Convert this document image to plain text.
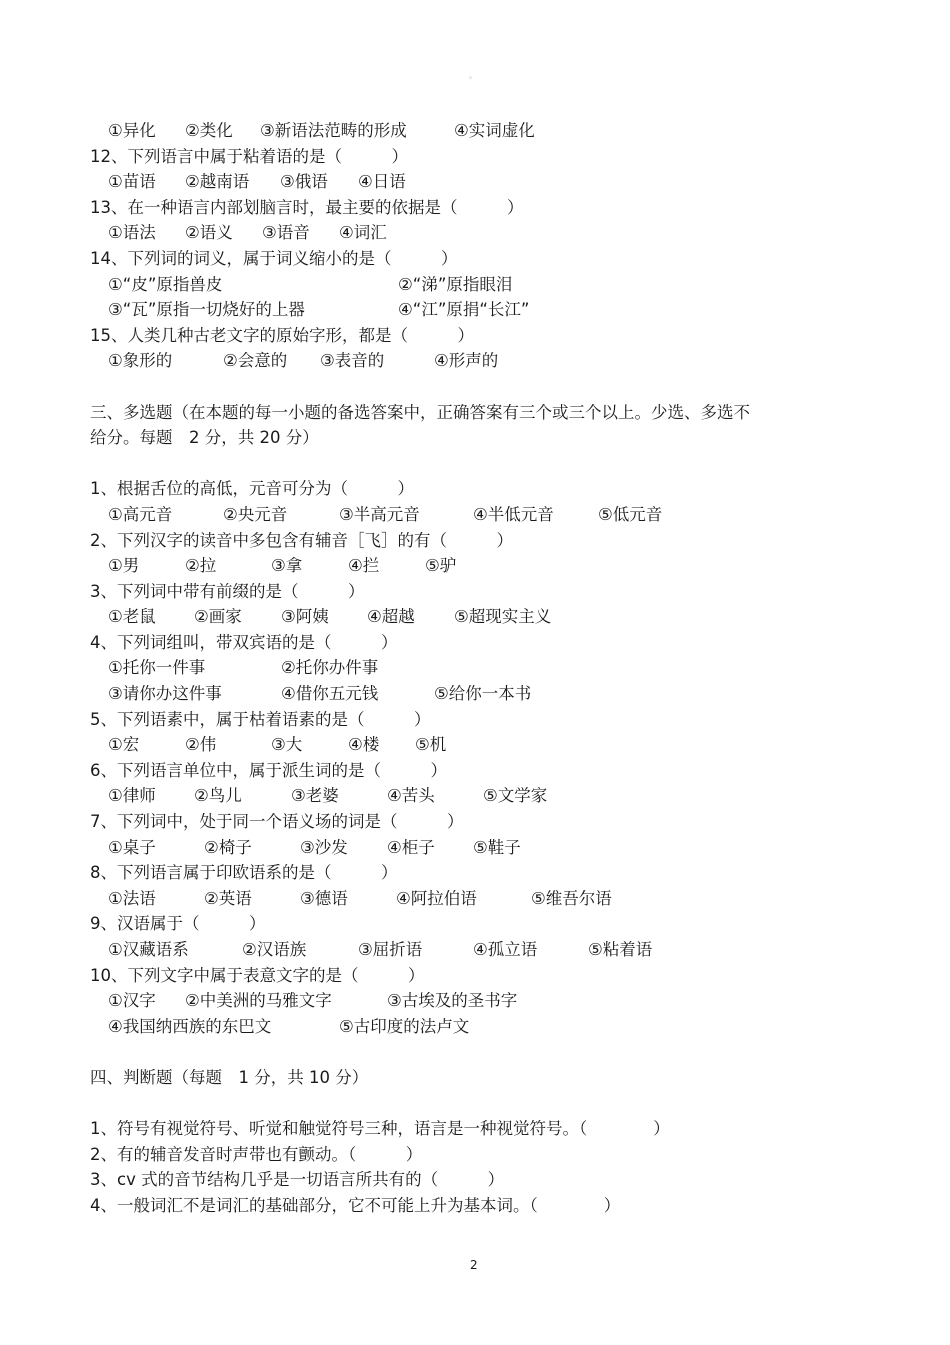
。
①异化 ②类化 ③新语法范畴的形成	④实词虚化
12、下列语言中属于粘着语的是（　　　）
①苗语 ②越南语 ③俄语 ④日语
13、在一种语言内部划脑言时，最主要的依据是（　　　）
①语法 ②语义 ③语音 ④词汇
14、下列词的词义，属于词义缩小的是（　　　）
①“皮”原指兽皮	②“涕”原指眼泪
③“瓦”原指一切烧好的上器	④“江”原捐“长江”
15、人类几种古老文字的原始字形，都是（　　　）
①象形的	②会意的 ③表音的	④形声的
三、多选题（在本题的每一小题的备选答案中，正确答案有三个或三个以上。少选、多选不
给分。每题　2 分，共 20 分）
1、根据舌位的高低，元音可分为（　　　）
①高元音	②央元音	③半高元音	④半低元音	⑤低元音
2、下列汉字的读音中多包含有辅音［飞］的有（　　　）
①男	②拉	③拿	④拦	⑤驴
3、下列词中带有前缀的是（　　　）
①老鼠 ②画家 ③阿姨 ④超越 ⑤超现实主义
4、下列词组叫，带双宾语的是（　　　）
①托你一件事	②托你办件事
③请你办这件事	④借你五元钱	⑤给你一本书
5、下列语素中，属于枯着语素的是（　　　）
①宏	②伟	③大	④楼 ⑤机
6、下列语言单位中，属于派生词的是（　　　）
①律师 ②鸟儿	③老婆	④苦头	⑤文学家
7、下列词中，处于同一个语义场的词是（　　　）
①桌子	②椅子	③沙发 ④柜子 ⑤鞋子
8、下列语言属于印欧语系的是（　　　）
①法语	②英语	③德语	④阿拉伯语	⑤维吾尔语
9、汉语属于（　　　）
①汉藏语系	②汉语族	③屈折语	④孤立语	⑤粘着语
10、下列文字中属于表意文字的是（　　　）
①汉字 ②中美洲的马雅文字	③古埃及的圣书字
④我国纳西族的东巴文	⑤古印度的法卢文
四、判断题（每题　1 分，共 10 分）
1、符号有视觉符号、听觉和触觉符号三种，语言是一种视觉符号。（　　　　）
2、有的辅音发音时声带也有颤动。（　　　）
3、cv 式的音节结构几乎是一切语言所共有的（　　　）
4、一般词汇不是词汇的基础部分，它不可能上升为基本词。（　　　　）
2
